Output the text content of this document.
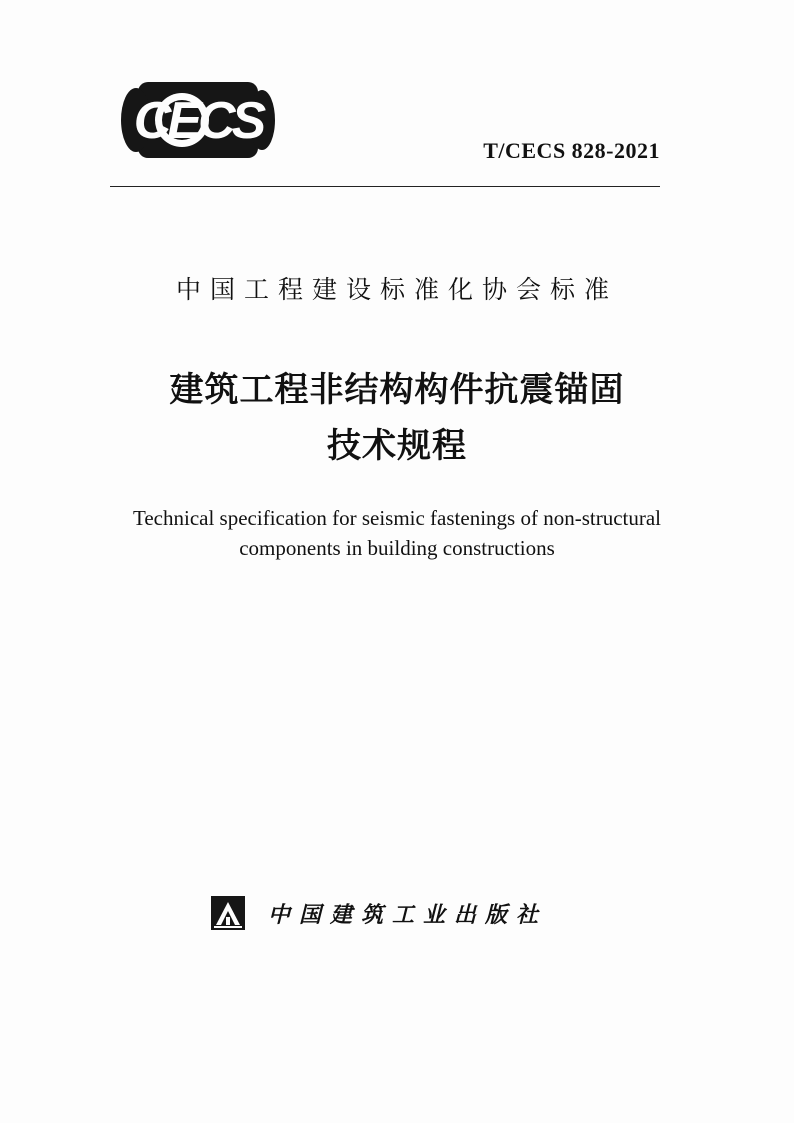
CECS
T/CECS 828-2021
中国工程建设标准化协会标准
建筑工程非结构构件抗震锚固
技术规程
Technical specification for seismic fastenings of non-structural
components in building constructions
中国建筑工业出版社
